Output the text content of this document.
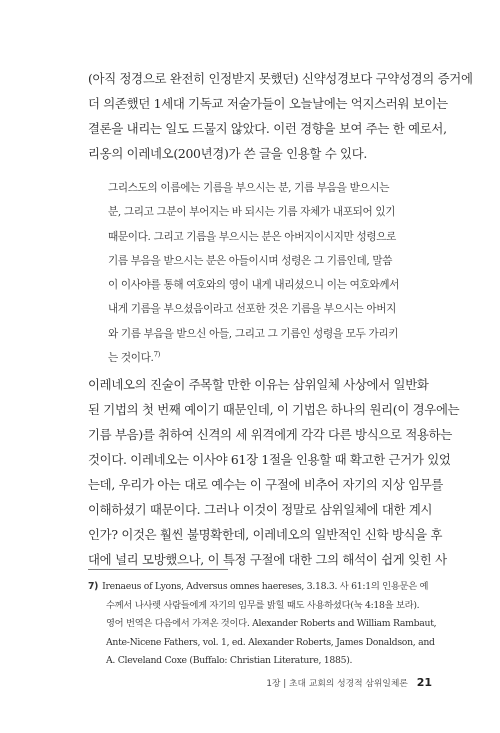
(아직 정경으로 완전히 인정받지 못했던) 신약성경보다 구약성경의 증거에
더 의존했던 1세대 기독교 저술가들이 오늘날에는 억지스러워 보이는
결론을 내리는 일도 드물지 않았다. 이런 경향을 보여 주는 한 예로서,
리옹의 이레네오(200년경)가 쓴 글을 인용할 수 있다.
그리스도의 이름에는 기름을 부으시는 분, 기름 부음을 받으시는
분, 그리고 그분이 부어지는 바 되시는 기름 자체가 내포되어 있기
때문이다. 그리고 기름을 부으시는 분은 아버지이시지만 성령으로
기름 부음을 받으시는 분은 아들이시며 성령은 그 기름인데, 말씀
이 이사야를 통해 여호와의 영이 내게 내리셨으니 이는 여호와께서
내게 기름을 부으셨음이라고 선포한 것은 기름을 부으시는 아버지
와 기름 부음을 받으신 아들, 그리고 그 기름인 성령을 모두 가리키
는 것이다.$^{7)}$
이레네오의 진술이 주목할 만한 이유는 삼위일체 사상에서 일반화
된 기법의 첫 번째 예이기 때문인데, 이 기법은 하나의 원리(이 경우에는
기름 부음)를 취하여 신격의 세 위격에게 각각 다른 방식으로 적용하는
것이다. 이레네오는 이사야 61장 1절을 인용할 때 확고한 근거가 있었
는데, 우리가 아는 대로 예수는 이 구절에 비추어 자기의 지상 임무를
이해하셨기 때문이다. 그러나 이것이 정말로 삼위일체에 대한 계시
인가? 이것은 훨씬 불명확한데, 이레네오의 일반적인 신학 방식을 후
대에 널리 모방했으나, 이 특정 구절에 대한 그의 해석이 쉽게 잊힌 사
7) Irenaeus of Lyons, Adversus omnes haereses, 3.18.3. 사 61:1의 인용문은 예
수께서 나사렛 사람들에게 자기의 임무를 밝힐 때도 사용하셨다(눅 4:18을 보라).
영어 번역은 다음에서 가져온 것이다. Alexander Roberts and William Rambaut,
Ante-Nicene Fathers, vol. 1, ed. Alexander Roberts, James Donaldson, and
A. Cleveland Coxe (Buffalo: Christian Literature, 1885).
1장 | 초대 교회의 성경적 삼위일체론 21
